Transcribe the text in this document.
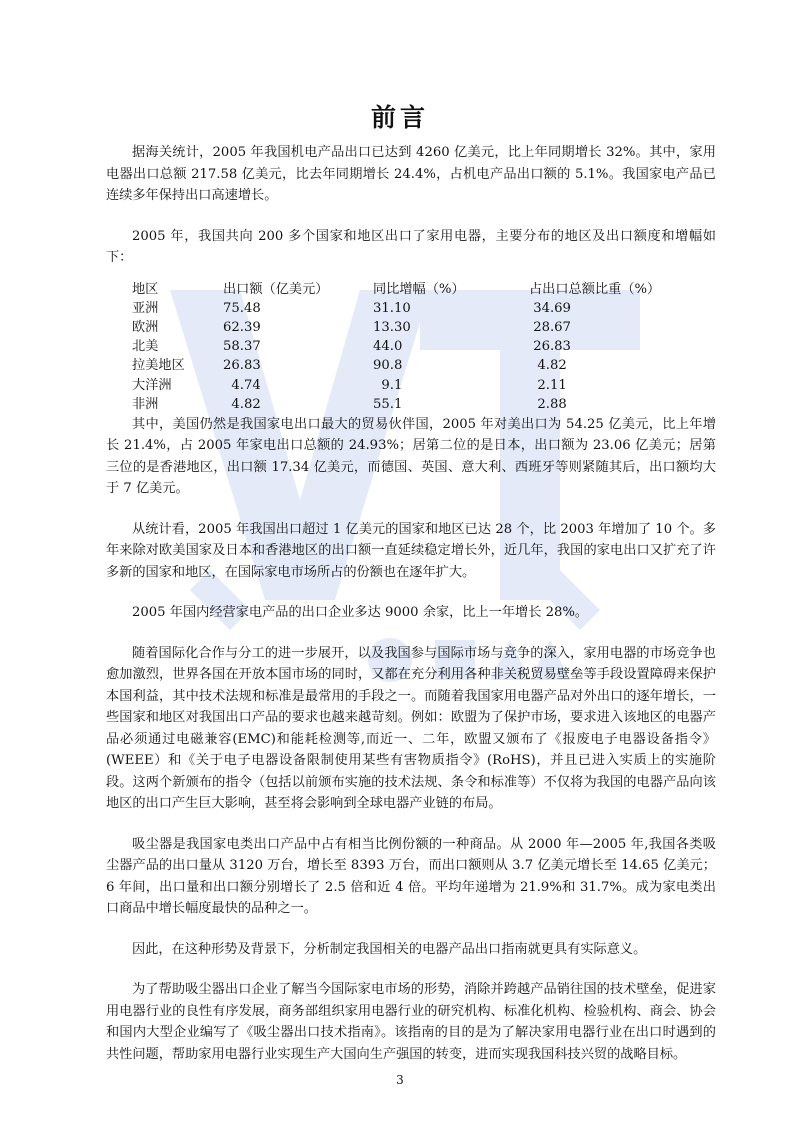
前言

据海关统计，2005 年我国机电产品出口已达到 4260 亿美元，比上年同期增长 32%。其中，家用电器出口总额 217.58 亿美元，比去年同期增长 24.4%，占机电产品出口额的 5.1%。我国家电产品已连续多年保持出口高速增长。

2005 年，我国共向 200 多个国家和地区出口了家用电器，主要分布的地区及出口额度和增幅如下：

地区	出口额（亿美元）	同比增幅（%）	占出口总额比重（%）
亚洲	75.48	31.10	34.69
欧洲	62.39	13.30	28.67
北美	58.37	44.0	26.83
拉美地区	26.83	90.8	4.82
大洋洲	4.74	9.1	2.11
非洲	4.82	55.1	2.88

其中，美国仍然是我国家电出口最大的贸易伙伴国，2005 年对美出口为 54.25 亿美元，比上年增长 21.4%，占 2005 年家电出口总额的 24.93%；居第二位的是日本，出口额为 23.06 亿美元；居第三位的是香港地区，出口额 17.34 亿美元，而德国、英国、意大利、西班牙等则紧随其后，出口额均大于 7 亿美元。

从统计看，2005 年我国出口超过 1 亿美元的国家和地区已达 28 个，比 2003 年增加了 10 个。多年来除对欧美国家及日本和香港地区的出口额一直延续稳定增长外，近几年，我国的家电出口又扩充了许多新的国家和地区，在国际家电市场所占的份额也在逐年扩大。

2005 年国内经营家电产品的出口企业多达 9000 余家，比上一年增长 28%。

随着国际化合作与分工的进一步展开，以及我国参与国际市场与竞争的深入，家用电器的市场竞争也愈加激烈，世界各国在开放本国市场的同时，又都在充分利用各种非关税贸易壁垒等手段设置障碍来保护本国利益，其中技术法规和标准是最常用的手段之一。而随着我国家用电器产品对外出口的逐年增长，一些国家和地区对我国出口产品的要求也越来越苛刻。例如：欧盟为了保护市场，要求进入该地区的电器产品必须通过电磁兼容(EMC)和能耗检测等,而近一、二年，欧盟又颁布了《报废电子电器设备指令》(WEEE）和《关于电子电器设备限制使用某些有害物质指令》(RoHS)，并且已进入实质上的实施阶段。这两个新颁布的指令（包括以前颁布实施的技术法规、条令和标准等）不仅将为我国的电器产品向该地区的出口产生巨大影响，甚至将会影响到全球电器产业链的布局。

吸尘器是我国家电类出口产品中占有相当比例份额的一种商品。从 2000 年—2005 年,我国各类吸尘器产品的出口量从 3120 万台，增长至 8393 万台，而出口额则从 3.7 亿美元增长至 14.65 亿美元；6 年间，出口量和出口额分别增长了 2.5 倍和近 4 倍。平均年递增为 21.9%和 31.7%。成为家电类出口商品中增长幅度最快的品种之一。

因此，在这种形势及背景下，分析制定我国相关的电器产品出口指南就更具有实际意义。

为了帮助吸尘器出口企业了解当今国际家电市场的形势，消除并跨越产品销往国的技术壁垒，促进家用电器行业的良性有序发展，商务部组织家用电器行业的研究机构、标准化机构、检验机构、商会、协会和国内大型企业编写了《吸尘器出口技术指南》。该指南的目的是为了解决家用电器行业在出口时遇到的共性问题，帮助家用电器行业实现生产大国向生产强国的转变，进而实现我国科技兴贸的战略目标。

3
